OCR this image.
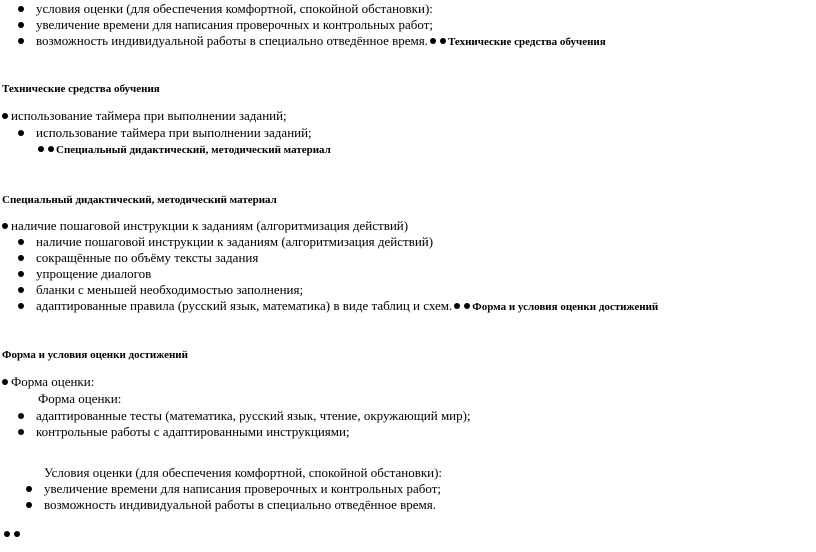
условия оценки (для обеспечения комфортной, спокойной обстановки):
увеличение времени для написания проверочных и контрольных работ;
возможность индивидуальной работы в специально отведённое время. Технические средства обучения
Технические средства обучения
использование таймера при выполнении заданий;
использование таймера при выполнении заданий;
Специальный дидактический, методический материал
Специальный дидактический, методический материал
наличие пошаговой инструкции к заданиям (алгоритмизация действий)
наличие пошаговой инструкции к заданиям (алгоритмизация действий)
сокращённые по объёму тексты задания
упрощение диалогов
бланки с меньшей необходимостью заполнения;
адаптированные правила (русский язык, математика) в виде таблиц и схем. Форма и условия оценки достижений
Форма и условия оценки достижений
Форма оценки:
Форма оценки:
адаптированные тесты (математика, русский язык, чтение, окружающий мир);
контрольные работы с адаптированными инструкциями;
Условия оценки (для обеспечения комфортной, спокойной обстановки):
увеличение времени для написания проверочных и контрольных работ;
возможность индивидуальной работы в специально отведённое время.
